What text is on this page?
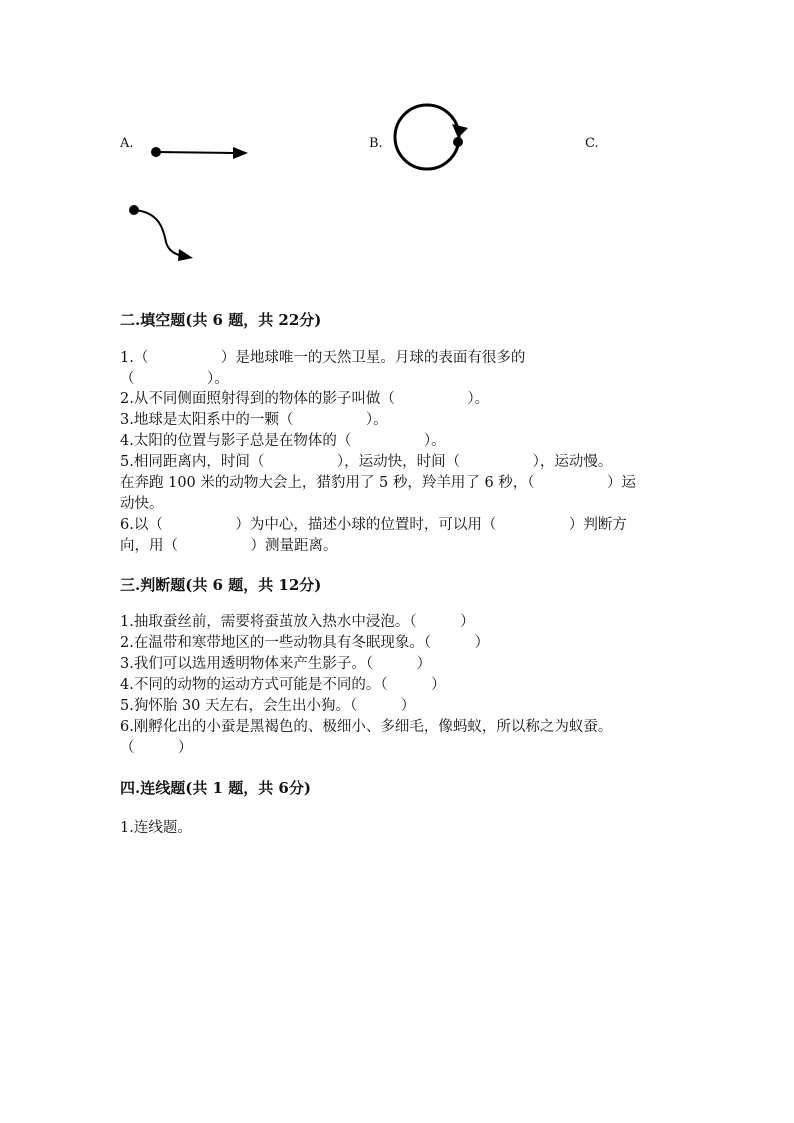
A.	B.	C.
二.填空题(共 6 题，共 22分)
1.（　　　　　）是地球唯一的天然卫星。月球的表面有很多的
（　　　　　）。
2.从不同侧面照射得到的物体的影子叫做（　　　　　）。
3.地球是太阳系中的一颗（　　　　　）。
4.太阳的位置与影子总是在物体的（　　　　　）。
5.相同距离内，时间（　　　　　），运动快，时间（　　　　　），运动慢。
在奔跑 100 米的动物大会上，猎豹用了 5 秒，羚羊用了 6 秒，（　　　　　）运
动快。
6.以（　　　　　）为中心，描述小球的位置时，可以用（　　　　　）判断方
向，用（　　　　　）测量距离。
三.判断题(共 6 题，共 12分)
1.抽取蚕丝前，需要将蚕茧放入热水中浸泡。（　　　）
2.在温带和寒带地区的一些动物具有冬眠现象。（　　　）
3.我们可以选用透明物体来产生影子。（　　　）
4.不同的动物的运动方式可能是不同的。（　　　）
5.狗怀胎 30 天左右，会生出小狗。（　　　）
6.刚孵化出的小蚕是黑褐色的、极细小、多细毛，像蚂蚁，所以称之为蚁蚕。
（　　　）
四.连线题(共 1 题，共 6分)
1.连线题。
